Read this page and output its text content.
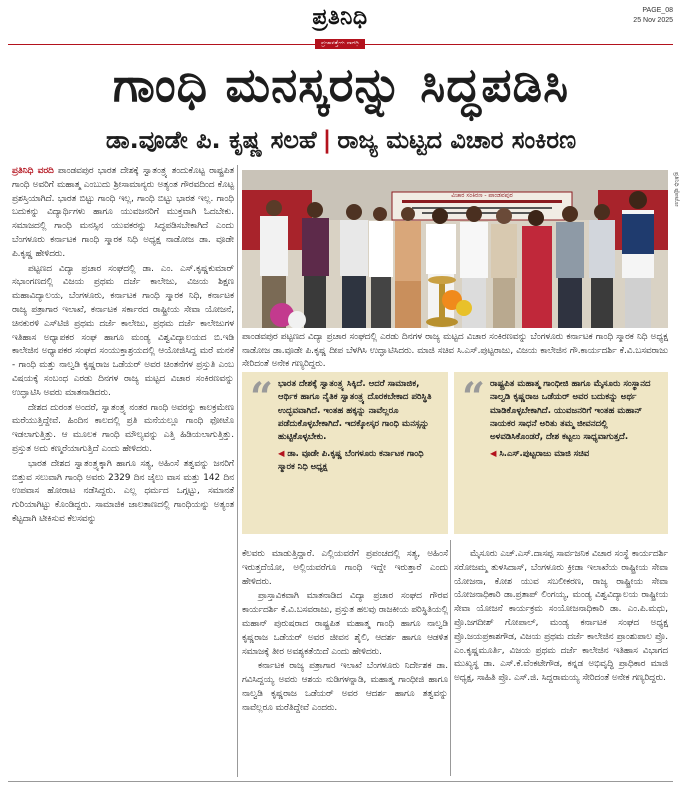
ಪ್ರತಿನಿಧಿ	PAGE_08
25 Nov 2025
ಗಾಂಧಿ ಮನಸ್ಕರನ್ನು ಸಿದ್ಧಪಡಿಸಿ
ಡಾ.ವೂಡೇ ಪಿ. ಕೃಷ್ಣ ಸಲಹೆ | ರಾಜ್ಯ ಮಟ್ಟದ ವಿಚಾರ ಸಂಕಿರಣ

ಪ್ರತಿನಿಧಿ ವರದಿ ಪಾಂಡವಪುರ ಭಾರತ ದೇಶಕ್ಕೆ ಸ್ವಾತಂತ್ರ್ಯ ತಂದುಕೊಟ್ಟ ರಾಷ್ಟ್ರಪಿತ ಗಾಂಧಿ ಅವರಿಗೆ ಮಹಾತ್ಮ ಎಂಬುದು ಶ್ರೀಸಾಮಾನ್ಯರು ಅತ್ಯಂತ ಗೌರವದಿಂದ ಕೊಟ್ಟ ಪ್ರಶಸ್ತಿಯಾಗಿದೆ. ಭಾರತ ಬಿಟ್ಟು ಗಾಂಧಿ ಇಲ್ಲ, ಗಾಂಧಿ ಬಿಟ್ಟು ಭಾರತ ಇಲ್ಲ. ಗಾಂಧಿ ಬದುಕನ್ನು ವಿದ್ಯಾರ್ಥಿಗಳು ಹಾಗೂ ಯುವಜನರಿಗೆ ಮುಕ್ತವಾಗಿ ಓದಬೇಕು. ಸಮಾಜದಲ್ಲಿ ಗಾಂಧಿ ಮನಸ್ಸಿನ ಯುವಕರನ್ನು ಸಿದ್ಧಪಡಿಸಬೇಕಾಗಿದೆ ಎಂದು ಬೆಂಗಳೂರು ಕರ್ನಾಟಕ ಗಾಂಧಿ ಸ್ಮಾರಕ ನಿಧಿ ಅಧ್ಯಕ್ಷ ನಾಡೋಜ ಡಾ. ವೂಡೇ ಪಿ.ಕೃಷ್ಣ ಹೇಳಿದರು.

ಪಟ್ಟಣದ ವಿದ್ಯಾ ಪ್ರಚಾರ ಸಂಘದಲ್ಲಿ ಡಾ. ಎಂ. ಎಸ್.ಕೃಷ್ಣಕುಮಾರ್ ಸಭಾಂಗಣದಲ್ಲಿ ವಿಜಯ ಪ್ರಥಮ ದರ್ಜೆ ಕಾಲೇಜು, ವಿಜಯ ಶಿಕ್ಷಣ ಮಹಾವಿದ್ಯಾಲಯ, ಬೆಂಗಳೂರು, ಕರ್ನಾಟಕ ಗಾಂಧಿ ಸ್ಮಾರಕ ನಿಧಿ, ಕರ್ನಾಟಕ ರಾಜ್ಯ ಪತ್ರಾಗಾರ ಇಲಾಖೆ, ಕರ್ನಾಟಕ ಸರ್ಕಾರದ ರಾಷ್ಟ್ರೀಯ ಸೇವಾ ಯೋಜನೆ, ಚಿನಕುರಳಿ ಎಸ್‌ಟಿಜಿ ಪ್ರಥಮ ದರ್ಜೆ ಕಾಲೇಜು, ಪ್ರಥಮ ದರ್ಜೆ ಕಾಲೇಜುಗಳ ಇತಿಹಾಸ ಅಧ್ಯಾಪಕರ ಸಂಘ ಹಾಗೂ ಮಂಡ್ಯ ವಿಶ್ವವಿದ್ಯಾಲಯದ ಬಿ.ಇಡಿ ಕಾಲೇಜಿನ ಅಧ್ಯಾಪಕರ ಸಂಘದ ಸಂಯುಕ್ತಾಶ್ರಯದಲ್ಲಿ ಆಯೋಜಿಸಿದ್ದ ಮರೆ ಮನಕೆ - ಗಾಂಧಿ ಮತ್ತು ನಾಲ್ವಡಿ ಕೃಷ್ಣರಾಜ ಒಡೆಯರ್ ಅವರ ಚಿಂತನೆಗಳ ಪ್ರಸ್ತುತಿ ಎಂಬ ವಿಷಯಕ್ಕೆ ಸಂಬಂಧ ಎರಡು ದಿನಗಳ ರಾಜ್ಯ ಮಟ್ಟದ ವಿಚಾರ ಸಂಕಿರಣವನ್ನು ಉದ್ಘಾಟಿಸಿ ಅವರು ಮಾತನಾಡಿದರು.

ದೇಶದ ದುರಂತ ಅಂದರೆ, ಸ್ವಾತಂತ್ರ್ಯ ನಂತರ ಗಾಂಧಿ ಅವರನ್ನು ಕಾಲಕ್ರಮೇಣ ಮರೆಯುತ್ತಿದ್ದೇವೆ. ಹಿಂದಿನ ಕಾಲದಲ್ಲಿ ಪ್ರತಿ ಮನೆಯಲ್ಲೂ ಗಾಂಧಿ ಫೋಟೊ ಇಡಲಾಗುತ್ತಿತ್ತು. ಆ ಮೂಲಕ ಗಾಂಧಿ ಮೌಲ್ಯವನ್ನು ಎತ್ತಿ ಹಿಡಿಯಲಾಗುತ್ತಿತ್ತು. ಪ್ರಸ್ತುತ ಅದು ಕಣ್ಮರೆಯಾಗುತ್ತಿದೆ ಎಂದು ಹೇಳಿದರು.

ಭಾರತ ದೇಶದ ಸ್ವಾತಂತ್ರ್ಯಕ್ಕಾಗಿ ಹಾಗೂ ಸತ್ಯ, ಅಹಿಂಸೆ ತತ್ವವನ್ನು ಜನರಿಗೆ ಬಿತ್ತುವ ಸಲುವಾಗಿ ಗಾಂಧಿ ಅವರು 2329 ದಿನ ಜೈಲು ವಾಸ ಮತ್ತು 142 ದಿನ ಉಪವಾಸ ಹೋರಾಟ ನಡೆಸಿದ್ದರು. ಎಲ್ಲ ಧರ್ಮದ ಒಗ್ಗಟ್ಟು, ಸಮಾನತೆ ಗುರಿಯಾಗಿಟ್ಟು ಕೊಂಡಿದ್ದರು. ಸಾಮಾಜಿಕ ಜಾಲತಾಣದಲ್ಲಿ ಗಾಂಧಿಯನ್ನು ಅತ್ಯಂತ ಕೆಟ್ಟದಾಗಿ ಟೀಕಿಸುವ ಕೆಲಸವನ್ನು

ವಿಚಾರ ಸಂಕಿರಣ - ಪಾಂಡವಪುರ	ಪ್ರತಿನಿಧಿ ಫೋಟೋ

ಪಾಂಡವಪುರ ಪಟ್ಟಣದ ವಿದ್ಯಾ ಪ್ರಚಾರ ಸಂಘದಲ್ಲಿ ಎರಡು ದಿನಗಳ ರಾಜ್ಯ ಮಟ್ಟದ ವಿಚಾರ ಸಂಕಿರಣವನ್ನು ಬೆಂಗಳೂರು ಕರ್ನಾಟಕ ಗಾಂಧಿ ಸ್ಮಾರಕ ನಿಧಿ ಅಧ್ಯಕ್ಷ ನಾಡೋಜ ಡಾ.ವೂಡೇ ಪಿ.ಕೃಷ್ಣ ದೀಪ ಬೆಳಗಿಸಿ ಉದ್ಘಾಟಿಸಿದರು. ಮಾಜಿ ಸಚಿವ ಸಿ.ಎಸ್.ಪುಟ್ಟರಾಜು, ವಿಜಯ ಕಾಲೇಜಿನ ಗೌ.ಕಾರ್ಯದರ್ಶಿ ಕೆ.ವಿ.ಬಸವರಾಜು ಸೇರಿದಂತೆ ಅನೇಕ ಗಣ್ಯರಿದ್ದರು.

“ ಭಾರತ ದೇಶಕ್ಕೆ ಸ್ವಾತಂತ್ರ್ಯ ಸಿಕ್ಕಿದೆ. ಆದರೆ ಸಾಮಾಜಿಕ, ಆರ್ಥಿಕ ಹಾಗೂ ನೈತಿಕ ಸ್ವಾತಂತ್ರ್ಯ ದೊರಕಬೇಕಾದ ಪರಿಸ್ಥಿತಿ ಉದ್ಭವವಾಗಿದೆ. ಇಂತಹ ಹಕ್ಕನ್ನು ನಾವೆಲ್ಲರೂ ಪಡೆದುಕೊಳ್ಳಬೇಕಾಗಿದೆ. ಇದಕ್ಕೋಸ್ಕರ ಗಾಂಧಿ ಮನಸ್ಸನ್ನು ಹುಟ್ಟಿಕೊಳ್ಳಬೇಕು.
◀ ಡಾ. ವೂಡೇ ಪಿ.ಕೃಷ್ಣ ಬೆಂಗಳೂರು ಕರ್ನಾಟಕ ಗಾಂಧಿ ಸ್ಮಾರಕ ನಿಧಿ ಅಧ್ಯಕ್ಷ
“ ರಾಷ್ಟ್ರಪಿತ ಮಹಾತ್ಮ ಗಾಂಧೀಜಿ ಹಾಗೂ ಮೈಸೂರು ಸಂಸ್ಥಾನದ ನಾಲ್ವಡಿ ಕೃಷ್ಣರಾಜ ಒಡೆಯರ್ ಅವರ ಬದುಕನ್ನು ಅರ್ಥ ಮಾಡಿಕೊಳ್ಳಬೇಕಾಗಿದೆ. ಯುವಜನರಿಗೆ ಇಂತಹ ಮಹಾನ್ ನಾಯಕರ ಸಾಧನೆ ಅರಿತು ತಮ್ಮ ಜೀವನದಲ್ಲಿ ಅಳವಡಿಸಿಕೊಂಡರೆ, ದೇಶ ಕಟ್ಟಲು ಸಾಧ್ಯವಾಗುತ್ತದೆ.
◀ ಸಿ.ಎಸ್.ಪುಟ್ಟರಾಜು ಮಾಜಿ ಸಚಿವ

ಕೆಲವರು ಮಾಡುತ್ತಿದ್ದಾರೆ. ಎಲ್ಲಿಯವರೆಗೆ ಪ್ರಪಂಚದಲ್ಲಿ ಸತ್ಯ, ಅಹಿಂಸೆ ಇರುತ್ತದೆಯೋ, ಅಲ್ಲಿಯವರೆಗೂ ಗಾಂಧಿ ಇದ್ದೇ ಇರುತ್ತಾರೆ ಎಂದು ಹೇಳಿದರು.

ಪ್ರಾಸ್ತಾವಿಕವಾಗಿ ಮಾತನಾಡಿದ ವಿದ್ಯಾ ಪ್ರಚಾರ ಸಂಘದ ಗೌರವ ಕಾರ್ಯದರ್ಶಿ ಕೆ.ವಿ.ಬಸವರಾಜು, ಪ್ರಸ್ತುತ ಹಲವು ರಾಜಕೀಯ ಪರಿಸ್ಥಿತಿಯಲ್ಲಿ ಮಹಾನ್ ಪುರುಷರಾದ ರಾಷ್ಟ್ರಪಿತ ಮಹಾತ್ಮ ಗಾಂಧಿ ಹಾಗೂ ನಾಲ್ವಡಿ ಕೃಷ್ಣರಾಜ ಒಡೆಯರ್ ಅವರ ಜೀವನ ಶೈಲಿ, ಆದರ್ಶ ಹಾಗೂ ಆಡಳಿತ ಸಮಾಜಕ್ಕೆ ತೀರ ಅವಶ್ಯಕತೆಯಿದೆ ಎಂದು ಹೇಳಿದರು.

ಕರ್ನಾಟಕ ರಾಜ್ಯ ಪತ್ರಾಗಾರ ಇಲಾಖೆ ಬೆಂಗಳೂರು ನಿರ್ದೇಶಕ ಡಾ. ಗವಿಸಿದ್ದಯ್ಯ ಅವರು ಆಶಯ ನುಡಿಗಳನ್ನಾಡಿ, ಮಹಾತ್ಮ ಗಾಂಧೀಜಿ ಹಾಗೂ ನಾಲ್ವಡಿ ಕೃಷ್ಣರಾಜ ಒಡೆಯರ್ ಅವರ ಆದರ್ಶ ಹಾಗೂ ತತ್ವವನ್ನು ನಾವೆಲ್ಲರೂ ಮರೆತಿದ್ದೇವೆ ಎಂದರು.

ಮೈಸೂರು ಎಚ್.ಎಸ್.ದಾಸಪ್ಪ ಸಾರ್ವಜನಿಕ ವಿಚಾರ ಸಂಸ್ಥೆ ಕಾರ್ಯದರ್ಶಿ ಸರೋಜಮ್ಮ ತುಳಸಿದಾಸ್, ಬೆಂಗಳೂರು ಕ್ರೀಡಾ ಇಲಾಖೆಯ ರಾಷ್ಟ್ರೀಯ ಸೇವಾ ಯೋಜನಾ, ಕೋಶ ಯುವ ಸಬಲೀಕರಣ, ರಾಜ್ಯ ರಾಷ್ಟ್ರೀಯ ಸೇವಾ ಯೋಜನಾಧಿಕಾರಿ ಡಾ.ಪ್ರತಾಪ್ ಲಿಂಗಯ್ಯ, ಮಂಡ್ಯ ವಿಶ್ವವಿದ್ಯಾಲಯ ರಾಷ್ಟ್ರೀಯ ಸೇವಾ ಯೋಜನೆ ಕಾರ್ಯಕ್ರಮ ಸಂಯೋಜನಾಧಿಕಾರಿ ಡಾ. ಎಂ.ಪಿ.ಮಧು, ಪ್ರೊ.ಜಗದೀಶ್ ಗೋಪಾಲ್, ಮಂಡ್ಯ ಕರ್ನಾಟಕ ಸಂಘದ ಅಧ್ಯಕ್ಷ ಪ್ರೊ.ಜಯಪ್ರಕಾಶಗೌಡ, ವಿಜಯ ಪ್ರಥಮ ದರ್ಜೆ ಕಾಲೇಜಿನ ಪ್ರಾಂಶುಪಾಲ ಪ್ರೊ. ಎಂ.ಕೃಷ್ಣಮೂರ್ತಿ, ವಿಜಯ ಪ್ರಥಮ ದರ್ಜೆ ಕಾಲೇಜಿನ ಇತಿಹಾಸ ವಿಭಾಗದ ಮುಖ್ಯಸ್ಥ ಡಾ. ಎಸ್.ಕೆ.ವೆಂಕಟೇಗೌಡ, ಕನ್ನಡ ಅಭಿವೃದ್ಧಿ ಪ್ರಾಧಿಕಾರ ಮಾಜಿ ಅಧ್ಯಕ್ಷ, ಸಾಹಿತಿ ಪ್ರೊ. ಎಸ್.ಜಿ. ಸಿದ್ದರಾಮಯ್ಯ ಸೇರಿದಂತೆ ಅನೇಕ ಗಣ್ಯರಿದ್ದರು.
